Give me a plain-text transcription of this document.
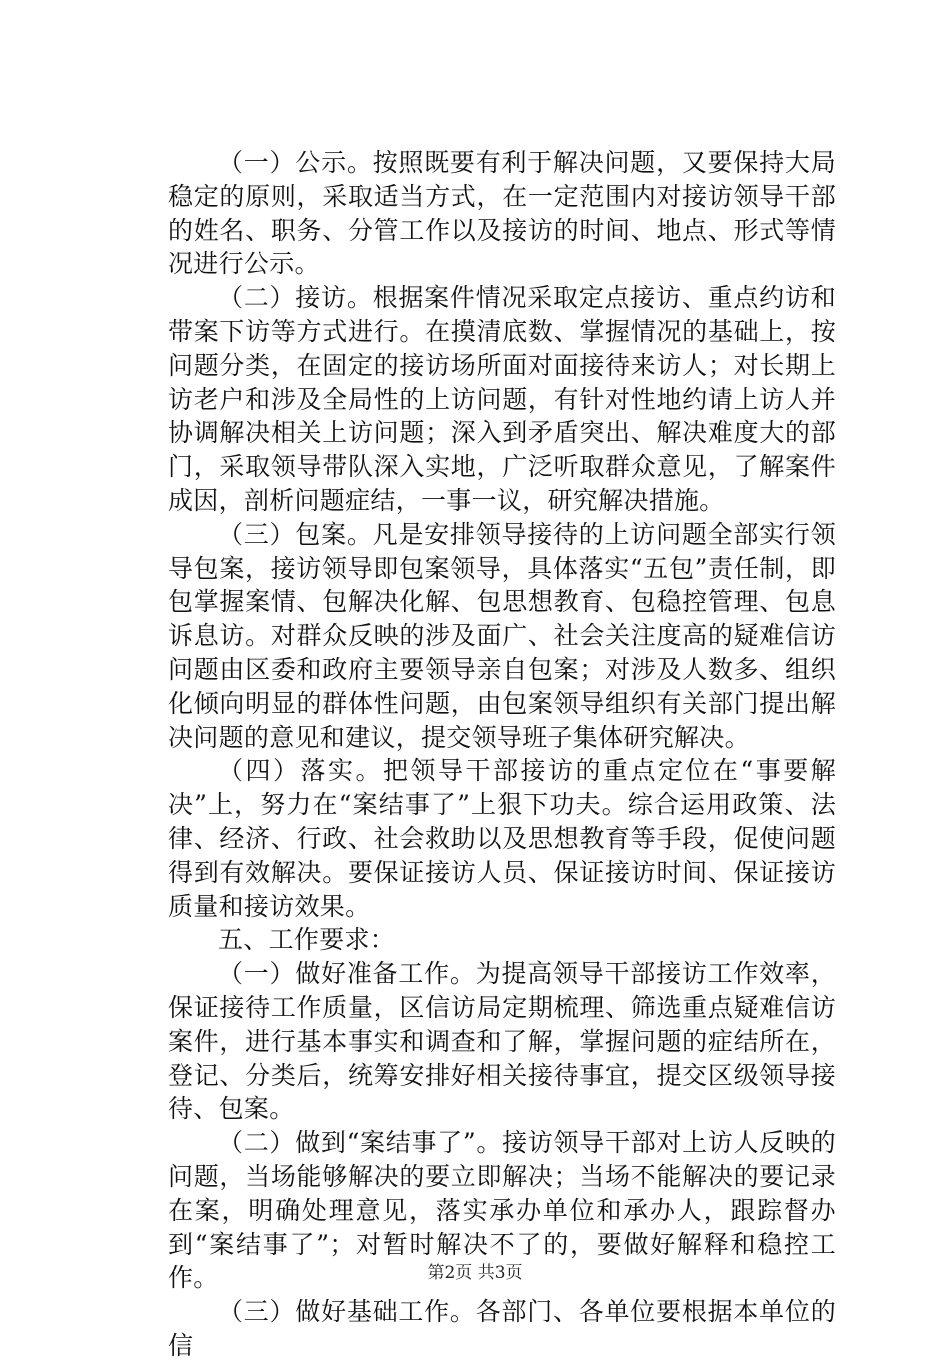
（一）公示。按照既要有利于解决问题，又要保持大局稳定的原则，采取适当方式，在一定范围内对接访领导干部的姓名、职务、分管工作以及接访的时间、地点、形式等情况进行公示。

（二）接访。根据案件情况采取定点接访、重点约访和带案下访等方式进行。在摸清底数、掌握情况的基础上，按问题分类，在固定的接访场所面对面接待来访人；对长期上访老户和涉及全局性的上访问题，有针对性地约请上访人并协调解决相关上访问题；深入到矛盾突出、解决难度大的部门，采取领导带队深入实地，广泛听取群众意见，了解案件成因，剖析问题症结，一事一议，研究解决措施。

（三）包案。凡是安排领导接待的上访问题全部实行领导包案，接访领导即包案领导，具体落实“五包”责任制，即包掌握案情、包解决化解、包思想教育、包稳控管理、包息诉息访。对群众反映的涉及面广、社会关注度高的疑难信访问题由区委和政府主要领导亲自包案；对涉及人数多、组织化倾向明显的群体性问题，由包案领导组织有关部门提出解决问题的意见和建议，提交领导班子集体研究解决。

（四）落实。把领导干部接访的重点定位在“事要解决”上，努力在“案结事了”上狠下功夫。综合运用政策、法律、经济、行政、社会救助以及思想教育等手段，促使问题得到有效解决。要保证接访人员、保证接访时间、保证接访质量和接访效果。

五、工作要求：

（一）做好准备工作。为提高领导干部接访工作效率，保证接待工作质量，区信访局定期梳理、筛选重点疑难信访案件，进行基本事实和调查和了解，掌握问题的症结所在，登记、分类后，统筹安排好相关接待事宜，提交区级领导接待、包案。

（二）做到“案结事了”。接访领导干部对上访人反映的问题，当场能够解决的要立即解决；当场不能解决的要记录在案，明确处理意见，落实承办单位和承办人，跟踪督办到“案结事了”；对暂时解决不了的，要做好解释和稳控工作。

（三）做好基础工作。各部门、各单位要根据本单位的信

第2页 共3页
